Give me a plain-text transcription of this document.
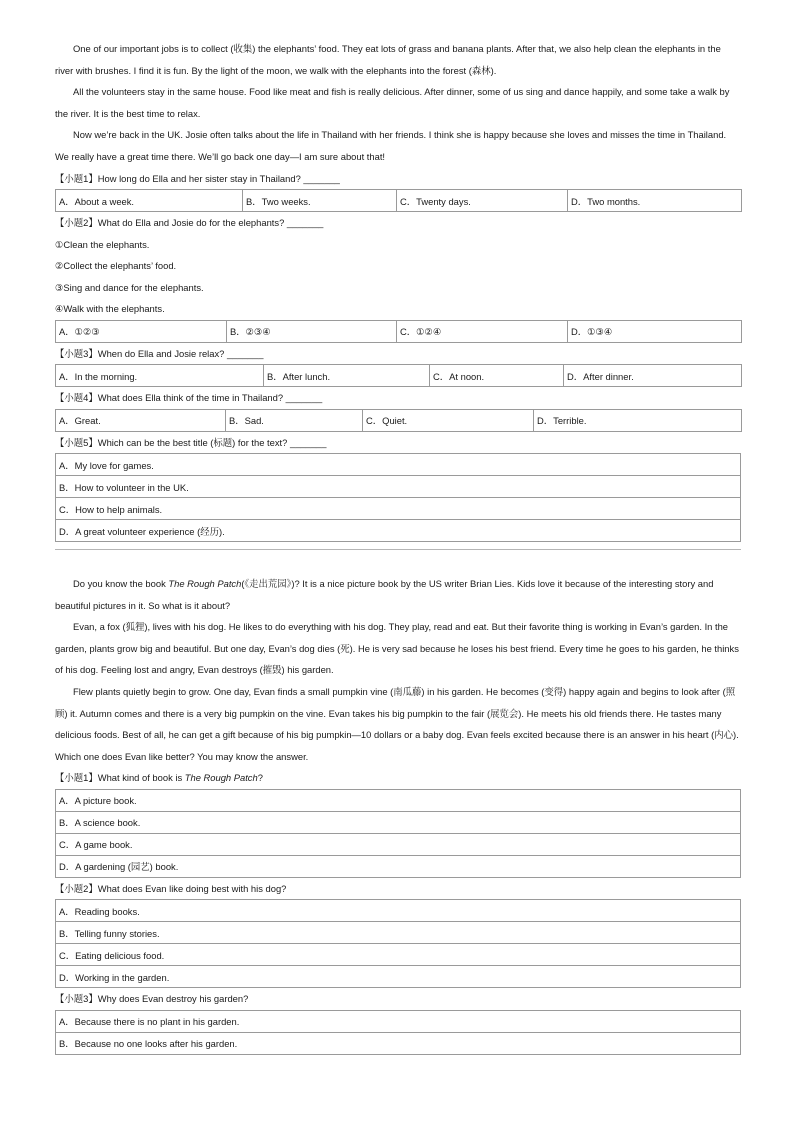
One of our important jobs is to collect (收集) the elephants’ food. They eat lots of grass and banana plants. After that, we also help clean the elephants in the river with brushes. I find it is fun. By the light of the moon, we walk with the elephants into the forest (森林).

All the volunteers stay in the same house. Food like meat and fish is really delicious. After dinner, some of us sing and dance happily, and some take a walk by the river. It is the best time to relax.

Now we’re back in the UK. Josie often talks about the life in Thailand with her friends. I think she is happy because she loves and misses the time in Thailand. We really have a great time there. We’ll go back one day—I am sure about that!

【小题1】How long do Ella and her sister stay in Thailand? _______
A．About a week.	B．Two weeks.	C．Twenty days.	D．Two months.
【小题2】What do Ella and Josie do for the elephants? _______
①Clean the elephants.
②Collect the elephants’ food.
③Sing and dance for the elephants.
④Walk with the elephants.
A．①②③	B．②③④	C．①②④	D．①③④
【小题3】When do Ella and Josie relax? _______
A．In the morning.	B．After lunch.	C．At noon.	D．After dinner.
【小题4】What does Ella think of the time in Thailand? _______
A．Great.	B．Sad.	C．Quiet.	D．Terrible.
【小题5】Which can be the best title (标题) for the text? _______
A．My love for games.
B．How to volunteer in the UK.
C．How to help animals.
D．A great volunteer experience (经历).

Do you know the book The Rough Patch(《走出荒园》)? It is a nice picture book by the US writer Brian Lies. Kids love it because of the interesting story and beautiful pictures in it. So what is it about?

Evan, a fox (狐狸), lives with his dog. He likes to do everything with his dog. They play, read and eat. But their favorite thing is working in Evan’s garden. In the garden, plants grow big and beautiful. But one day, Evan’s dog dies (死). He is very sad because he loses his best friend. Every time he goes to his garden, he thinks of his dog. Feeling lost and angry, Evan destroys (摧毁) his garden.

Flew plants quietly begin to grow. One day, Evan finds a small pumpkin vine (南瓜藤) in his garden. He becomes (变得) happy again and begins to look after (照顾) it. Autumn comes and there is a very big pumpkin on the vine. Evan takes his big pumpkin to the fair (展览会). He meets his old friends there. He tastes many delicious foods. Best of all, he can get a gift because of his big pumpkin—10 dollars or a baby dog. Evan feels excited because there is an answer in his heart (内心). Which one does Evan like better? You may know the answer.

【小题1】What kind of book is The Rough Patch?
A．A picture book.
B．A science book.
C．A game book.
D．A gardening (园艺) book.
【小题2】What does Evan like doing best with his dog?
A．Reading books.
B．Telling funny stories.
C．Eating delicious food.
D．Working in the garden.
【小题3】Why does Evan destroy his garden?
A．Because there is no plant in his garden.
B．Because no one looks after his garden.
